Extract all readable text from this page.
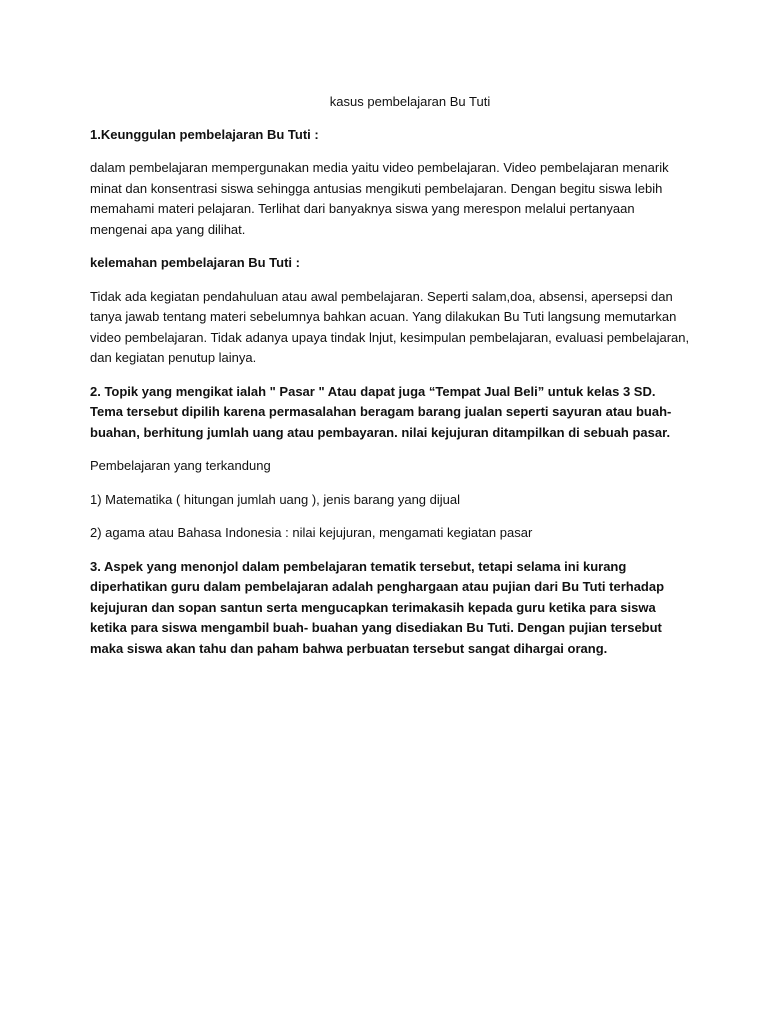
kasus pembelajaran Bu Tuti
1.Keunggulan pembelajaran Bu Tuti :
dalam pembelajaran mempergunakan media yaitu video pembelajaran. Video pembelajaran menarik minat dan konsentrasi siswa sehingga antusias mengikuti pembelajaran. Dengan begitu siswa lebih memahami materi pelajaran. Terlihat dari banyaknya siswa yang merespon melalui pertanyaan mengenai apa yang dilihat.
kelemahan pembelajaran Bu Tuti :
Tidak ada kegiatan pendahuluan atau awal pembelajaran. Seperti salam,doa, absensi, apersepsi dan tanya jawab tentang materi sebelumnya bahkan acuan. Yang dilakukan Bu Tuti langsung memutarkan video pembelajaran. Tidak adanya upaya tindak lnjut, kesimpulan pembelajaran, evaluasi pembelajaran, dan kegiatan penutup lainya.
2. Topik yang mengikat ialah " Pasar " Atau dapat juga “Tempat Jual Beli” untuk kelas 3 SD. Tema tersebut dipilih karena permasalahan beragam barang jualan seperti sayuran atau buah-buahan, berhitung jumlah uang atau pembayaran. nilai kejujuran ditampilkan di sebuah pasar.
Pembelajaran yang terkandung
1) Matematika ( hitungan jumlah uang ), jenis barang yang dijual
2) agama atau Bahasa Indonesia : nilai kejujuran, mengamati kegiatan pasar
3. Aspek yang menonjol dalam pembelajaran tematik tersebut, tetapi selama ini kurang diperhatikan guru dalam pembelajaran adalah penghargaan atau pujian dari Bu Tuti terhadap kejujuran dan sopan santun serta mengucapkan terimakasih kepada guru ketika para siswa ketika para siswa mengambil buah- buahan yang disediakan Bu Tuti. Dengan pujian tersebut maka siswa akan tahu dan paham bahwa perbuatan tersebut sangat dihargai orang.
